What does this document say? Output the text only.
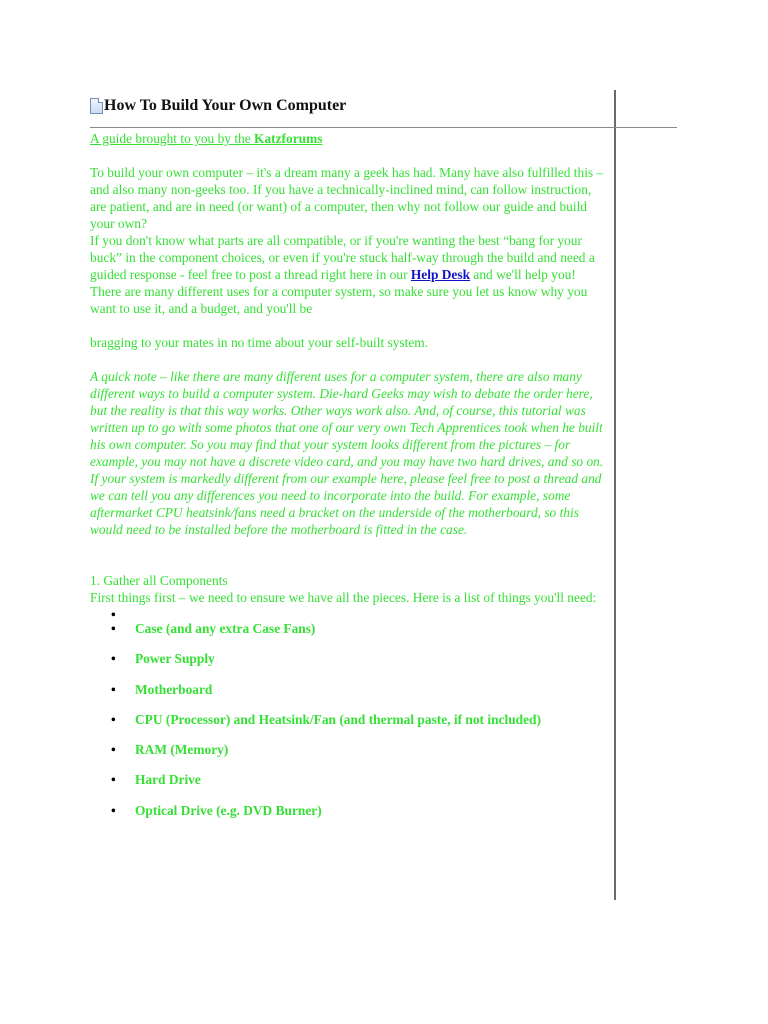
How To Build Your Own Computer

A guide brought to you by the Katzforums

To build your own computer – it's a dream many a geek has had. Many have also fulfilled this – and also many non-geeks too. If you have a technically-inclined mind, can follow instruction, are patient, and are in need (or want) of a computer, then why not follow our guide and build your own?

If you don't know what parts are all compatible, or if you're wanting the best “bang for your buck” in the component choices, or even if you're stuck half-way through the build and need a guided response - feel free to post a thread right here in our Help Desk and we'll help you! There are many different uses for a computer system, so make sure you let us know why you want to use it, and a budget, and you'll be

bragging to your mates in no time about your self-built system.

A quick note – like there are many different uses for a computer system, there are also many different ways to build a computer system. Die-hard Geeks may wish to debate the order here, but the reality is that this way works. Other ways work also. And, of course, this tutorial was written up to go with some photos that one of our very own Tech Apprentices took when he built his own computer. So you may find that your system looks different from the pictures – for example, you may not have a discrete video card, and you may have two hard drives, and so on. If your system is markedly different from our example here, please feel free to post a thread and we can tell you any differences you need to incorporate into the build. For example, some aftermarket CPU heatsink/fans need a bracket on the underside of the motherboard, so this would need to be installed before the motherboard is fitted in the case.

1. Gather all Components

First things first – we need to ensure we have all the pieces. Here is a list of things you'll need:

•
• Case (and any extra Case Fans)
• Power Supply
• Motherboard
• CPU (Processor) and Heatsink/Fan (and thermal paste, if not included)
• RAM (Memory)
• Hard Drive
• Optical Drive (e.g. DVD Burner)
